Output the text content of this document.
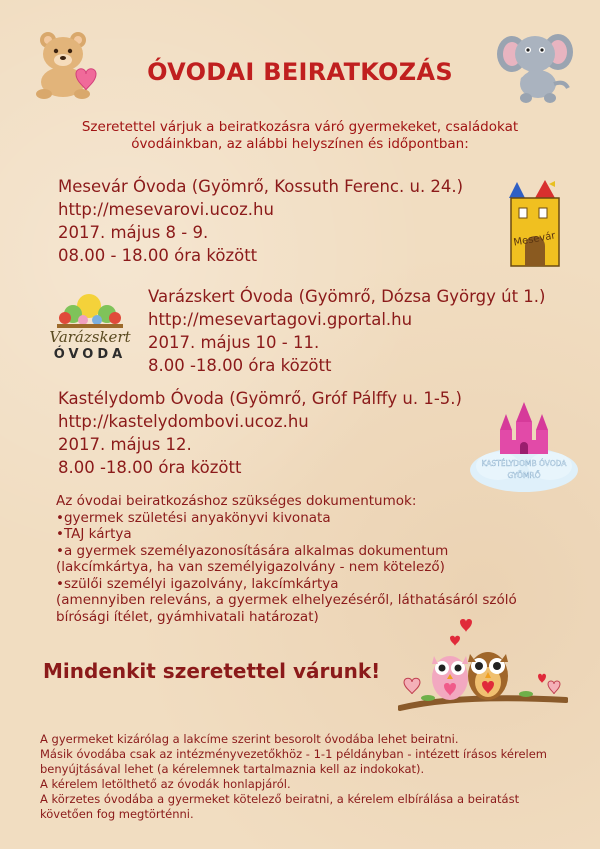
ÓVODAI BEIRATKOZÁS
Szeretettel várjuk a beiratkozásra váró gyermekeket, családokat
óvodáinkban, az alábbi helyszínen és időpontban:
Mesevár Óvoda (Gyömrő, Kossuth Ferenc. u. 24.)
http://mesevarovi.ucoz.hu
2017. május 8 - 9.
08.00 - 18.00 óra között
Mesevár
Varázskert
ÓVODA
Varázskert Óvoda (Gyömrő, Dózsa György út 1.)
http://mesevartagovi.gportal.hu
2017. május 10 - 11.
8.00 -18.00 óra között
Kastélydomb Óvoda (Gyömrő, Gróf Pálffy u. 1-5.)
http://kastelydombovi.ucoz.hu
2017. május 12.
8.00 -18.00 óra között	KASTÉLYDOMB ÓVODA
GYÖMRŐ
Az óvodai beiratkozáshoz szükséges dokumentumok:
•gyermek születési anyakönyvi kivonata
•TAJ kártya
•a gyermek személyazonosítására alkalmas dokumentum
(lakcímkártya, ha van személyigazolvány - nem kötelező)
•szülői személyi igazolvány, lakcímkártya
(amennyiben releváns, a gyermek elhelyezéséről, láthatásáról szóló
bírósági ítélet, gyámhivatali határozat)
Mindenkit szeretettel várunk!
A gyermeket kizárólag a lakcíme szerint besorolt óvodába lehet beiratni.
Másik óvodába csak az intézményvezetőkhöz - 1-1 példányban - intézett írásos kérelem
benyújtásával lehet (a kérelemnek tartalmaznia kell az indokokat).
A kérelem letölthető az óvodák honlapjáról.
A körzetes óvodába a gyermeket kötelező beiratni, a kérelem elbírálása a beiratást
követően fog megtörténni.
